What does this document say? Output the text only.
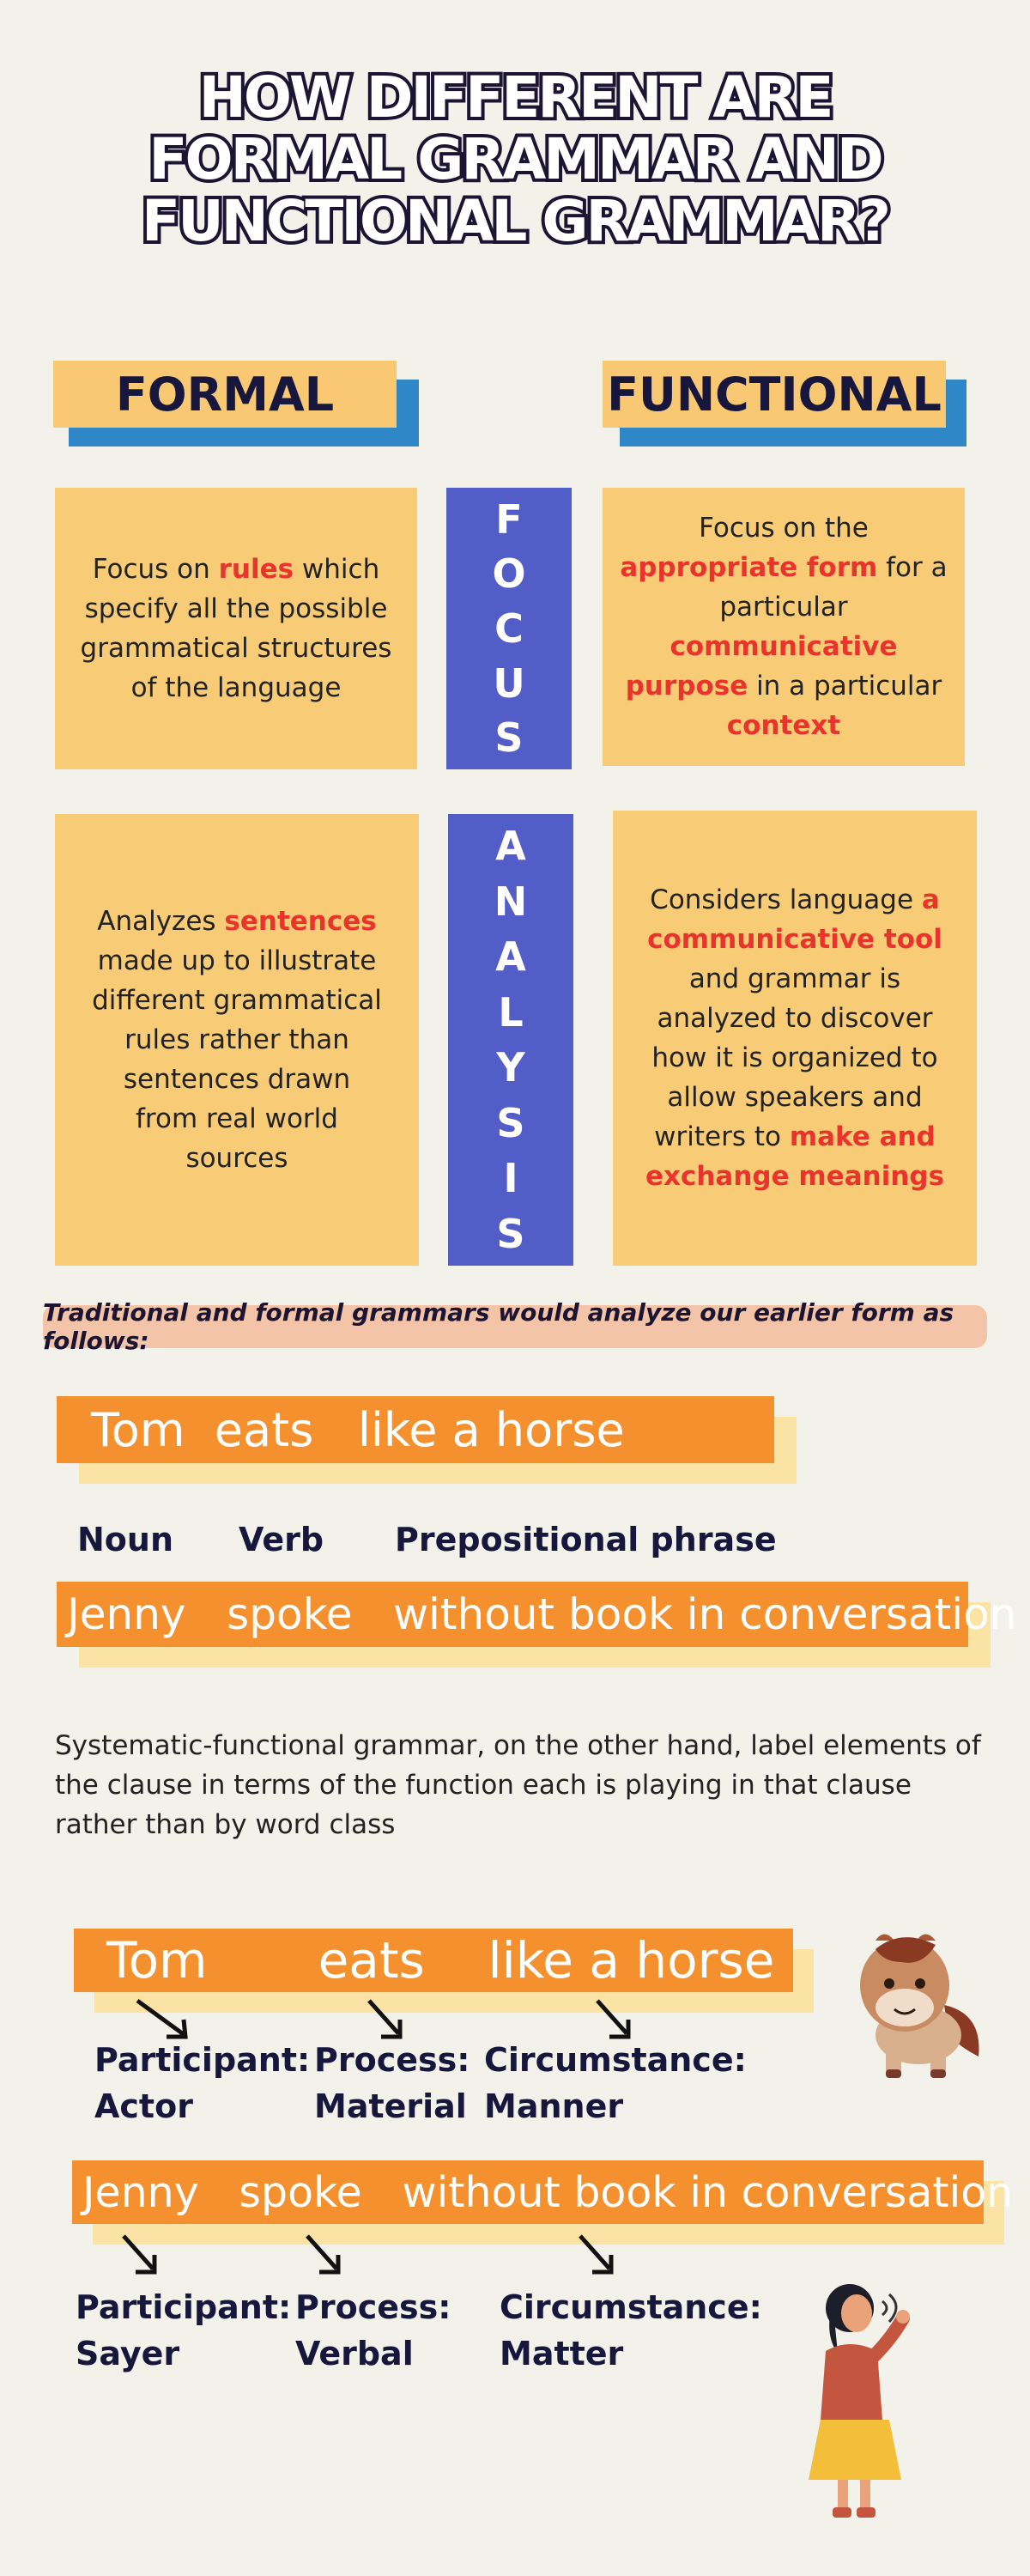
HOW DIFFERENT ARE
FORMAL GRAMMAR AND
FUNCTIONAL GRAMMAR?
FORMAL	FUNCTIONAL
Focus on rules which specify all the possible grammatical structures of the language
F
O
C
U
S
Focus on the appropriate form for a particular communicative purpose in a particular context
Analyzes sentences made up to illustrate different grammatical rules rather than sentences drawn from real world sources
A
N
A
L
Y
S
I
S
Considers language a communicative tool and grammar is analyzed to discover how it is organized to allow speakers and writers to make and exchange meanings
Traditional and formal grammars would analyze our earlier form as follows:
Tom  eats   like a horse
Noun Verb Prepositional phrase
Jenny   spoke   without book in conversation
Systematic-functional grammar, on the other hand, label elements of the clause in terms of the function each is playing in that clause rather than by word class
Tom       eats    like a horse
Participant:
Actor
Process:
Material
Circumstance:
Manner
Jenny   spoke   without book in conversation
Participant:
Sayer
Process:
Verbal
Circumstance:
Matter
